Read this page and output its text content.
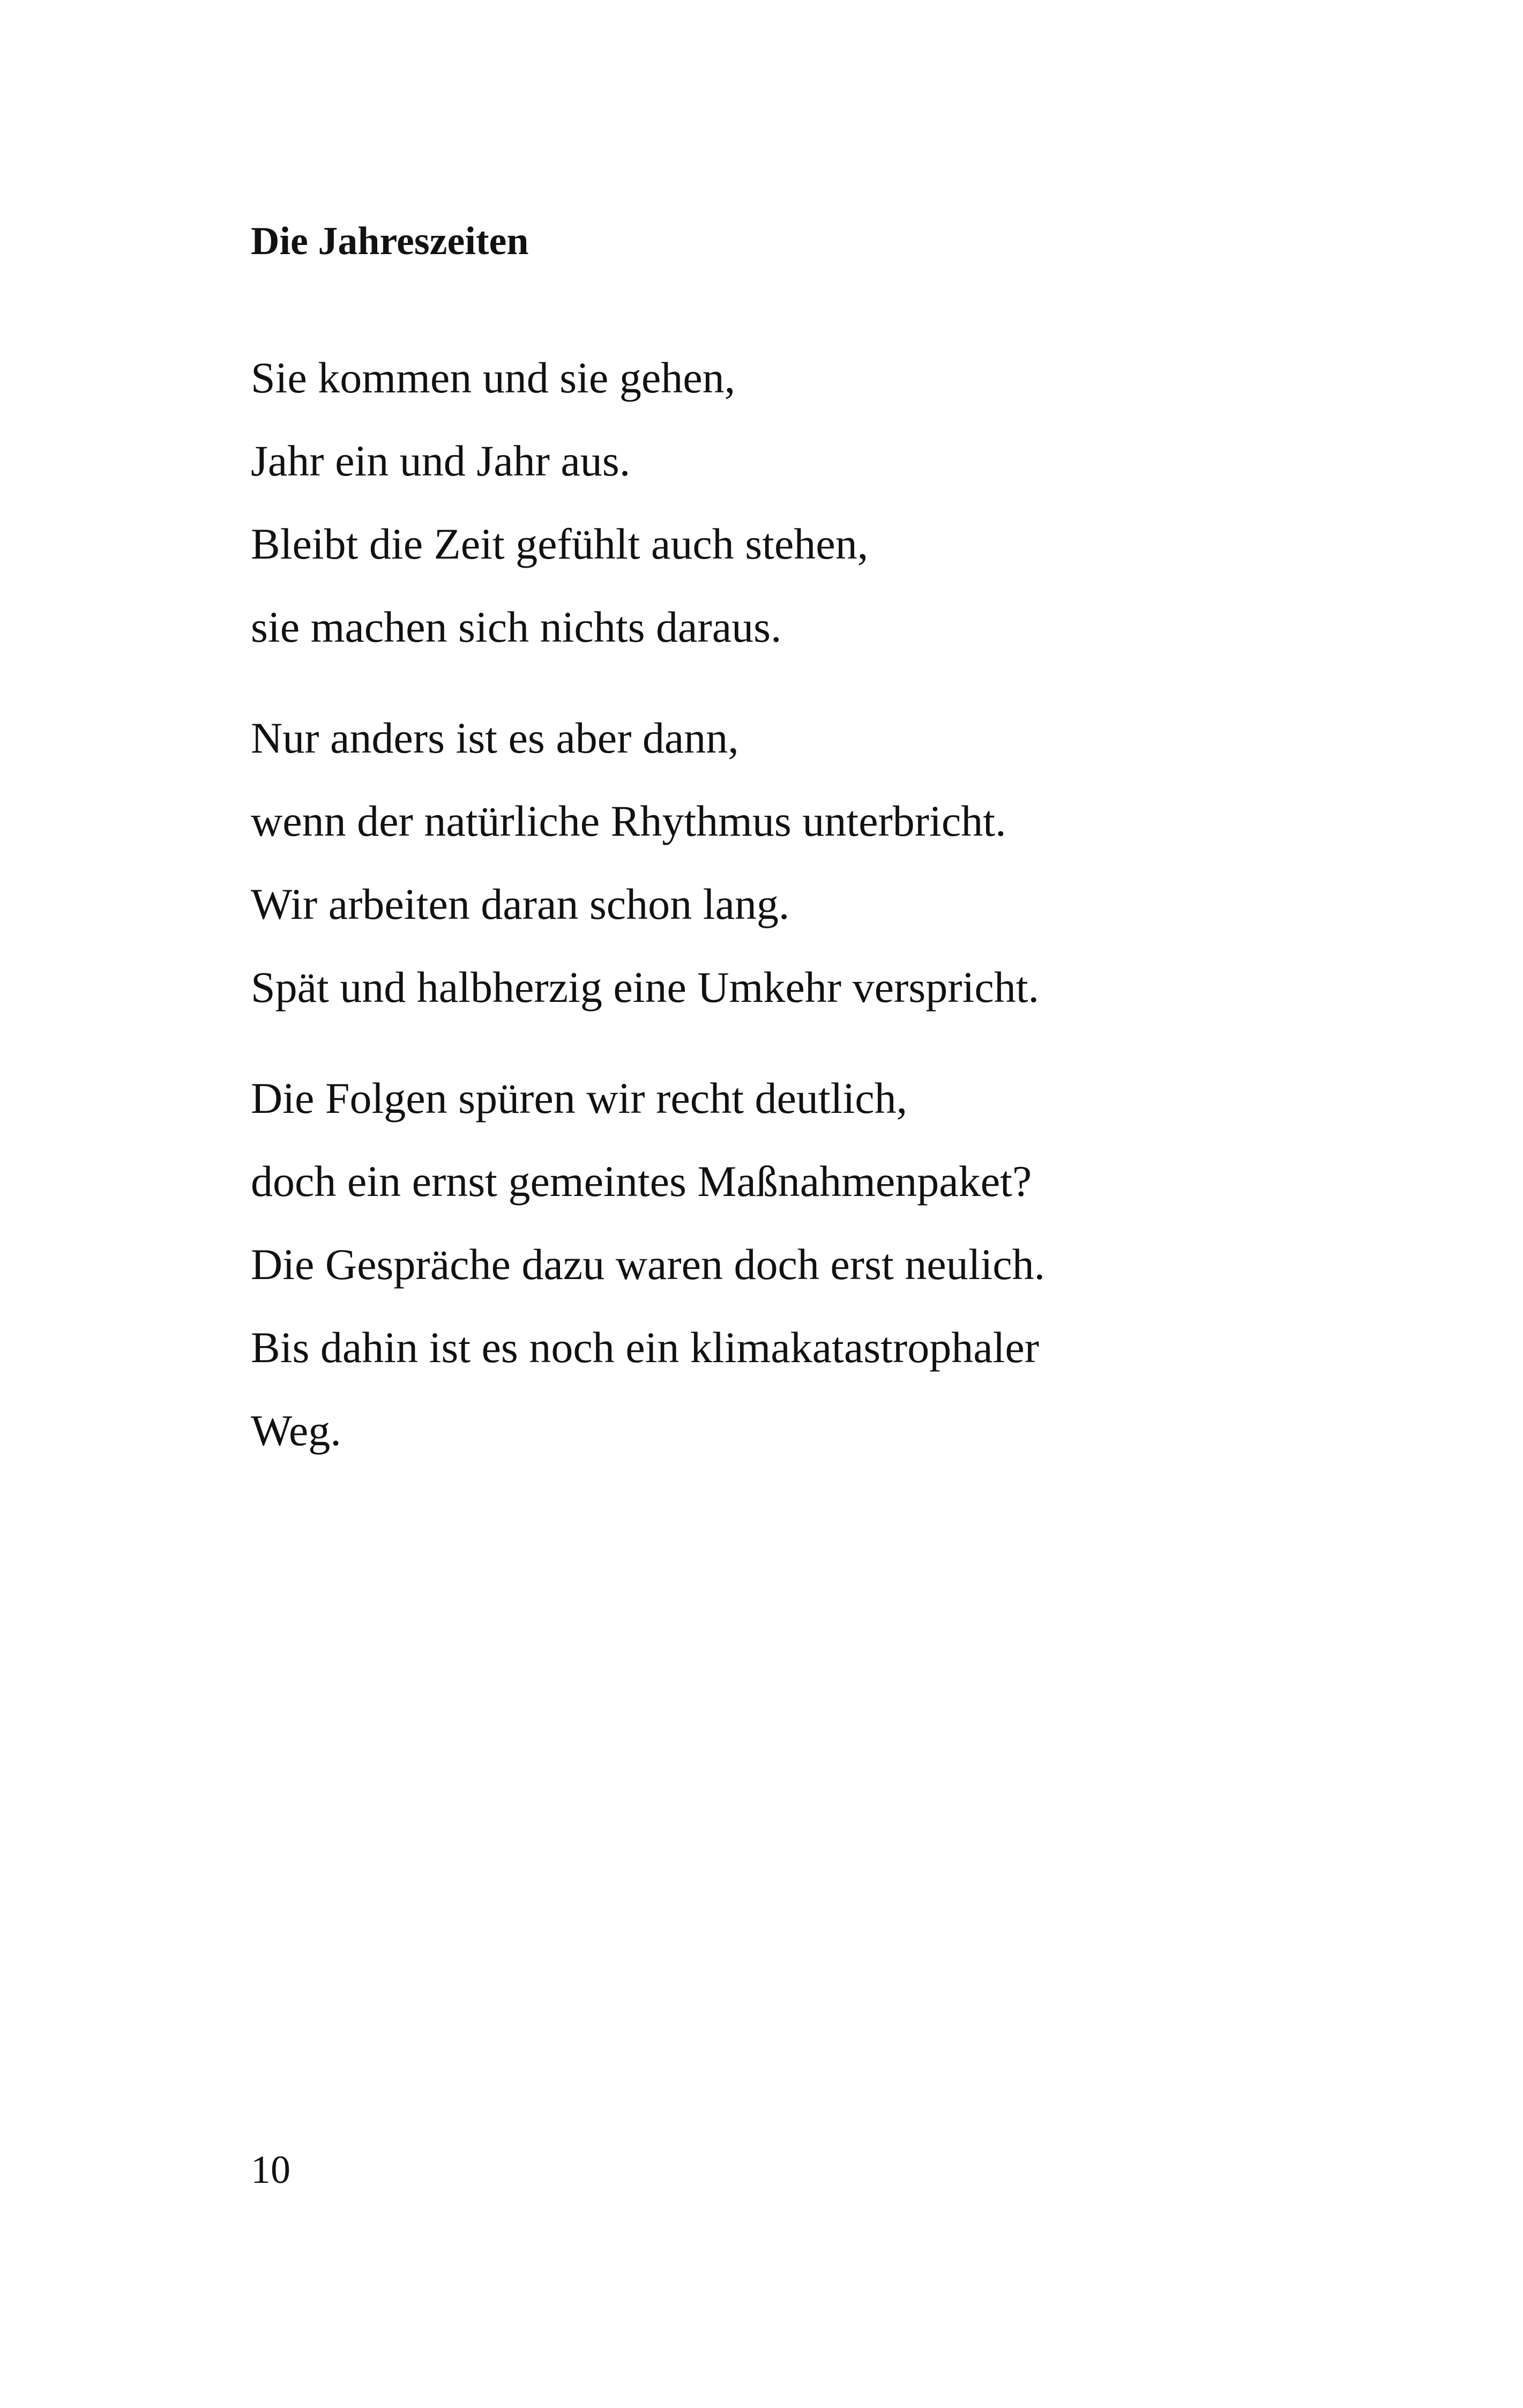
Die Jahreszeiten

Sie kommen und sie gehen,

Jahr ein und Jahr aus.

Bleibt die Zeit gefühlt auch stehen,

sie machen sich nichts daraus.

Nur anders ist es aber dann,

wenn der natürliche Rhythmus unterbricht.

Wir arbeiten daran schon lang.

Spät und halbherzig eine Umkehr verspricht.

Die Folgen spüren wir recht deutlich,

doch ein ernst gemeintes Maßnahmenpaket?

Die Gespräche dazu waren doch erst neulich.

Bis dahin ist es noch ein klimakatastrophaler

Weg.

10
